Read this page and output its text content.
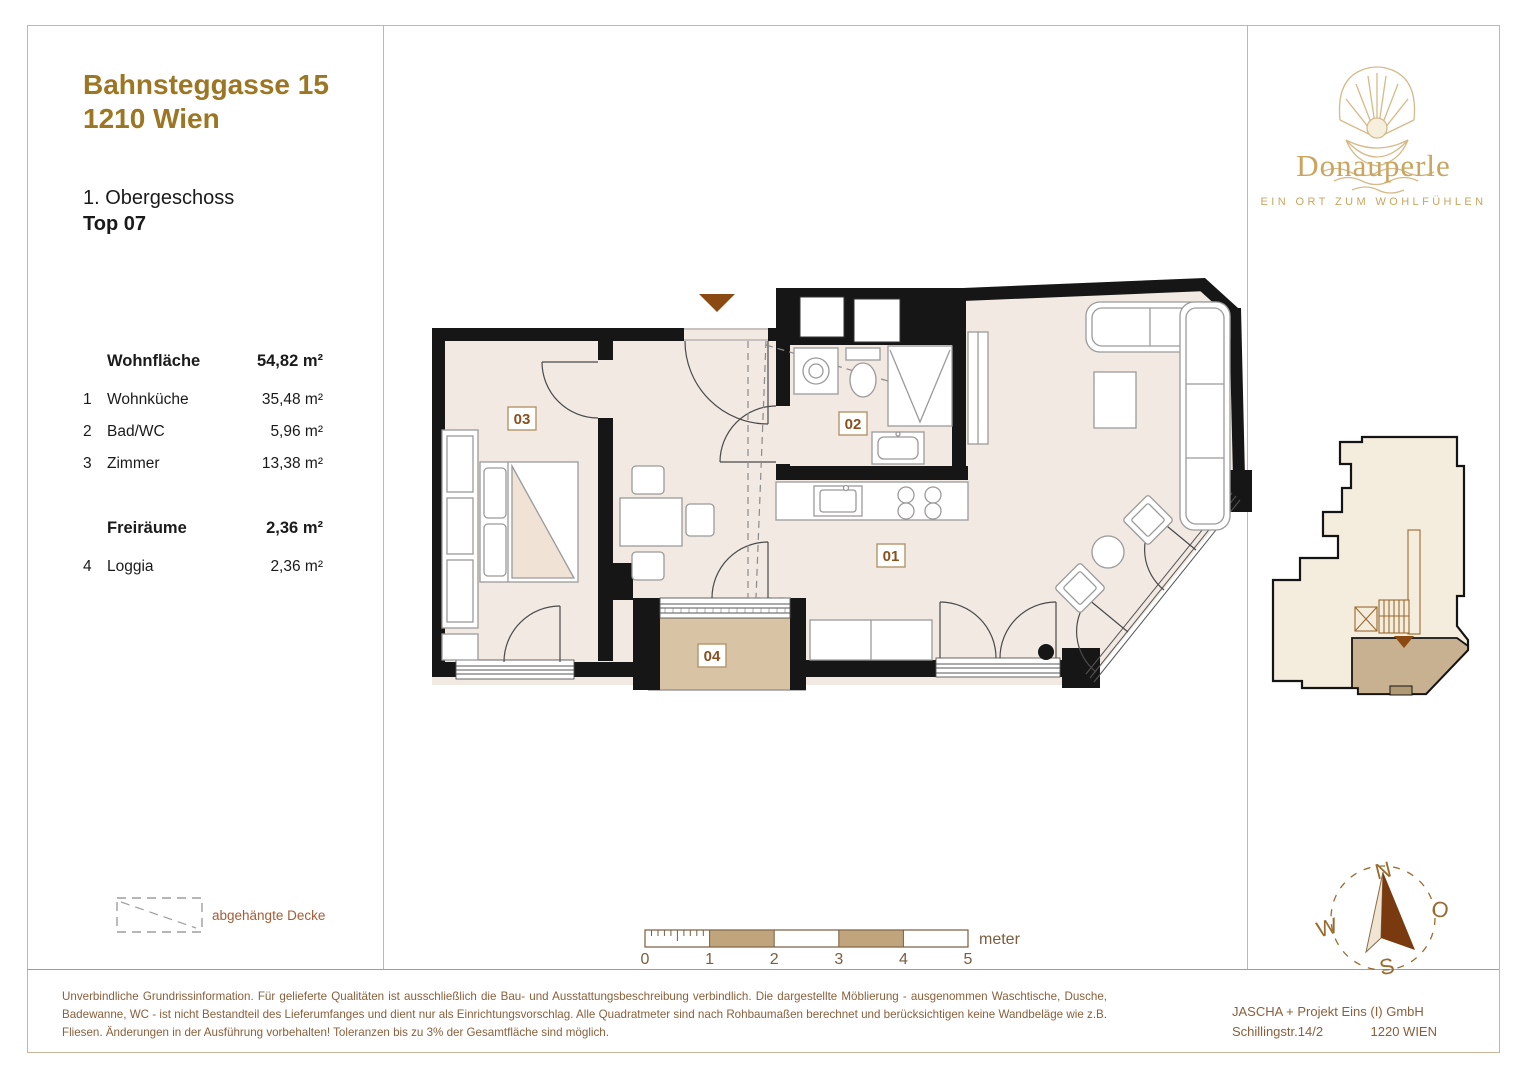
Bahnsteggasse 15
1210 Wien
1. Obergeschoss
Top 07
Wohnfläche	54,82 m²
1 Wohnküche	35,48 m²
2 Bad/WC	5,96 m²
3 Zimmer	13,38 m²
Freiräume	2,36 m²
4 Loggia	2,36 m²
03	02
01
04
0	1	2	3	4	5
meter
abgehängte Decke
N
O
S
W
Donauperle
EIN ORT ZUM WOHLFÜHLEN
Unverbindliche Grundrissinformation. Für gelieferte Qualitäten ist ausschließlich die Bau- und Ausstattungsbeschreibung verbindlich. Die dargestellte Möblierung - ausgenommen Waschtische, Dusche, Badewanne, WC - ist nicht Bestandteil des Lieferumfanges und dient nur als Einrichtungsvorschlag. Alle Quadratmeter sind nach Rohbaumaßen berechnet und berücksichtigen keine Wandbeläge wie z.B. Fliesen. Änderungen in der Ausführung vorbehalten! Toleranzen bis zu 3% der Gesamtfläche sind möglich.
JASCHA + Projekt Eins (I) GmbH
Schillingstr.14/2	1220 WIEN
